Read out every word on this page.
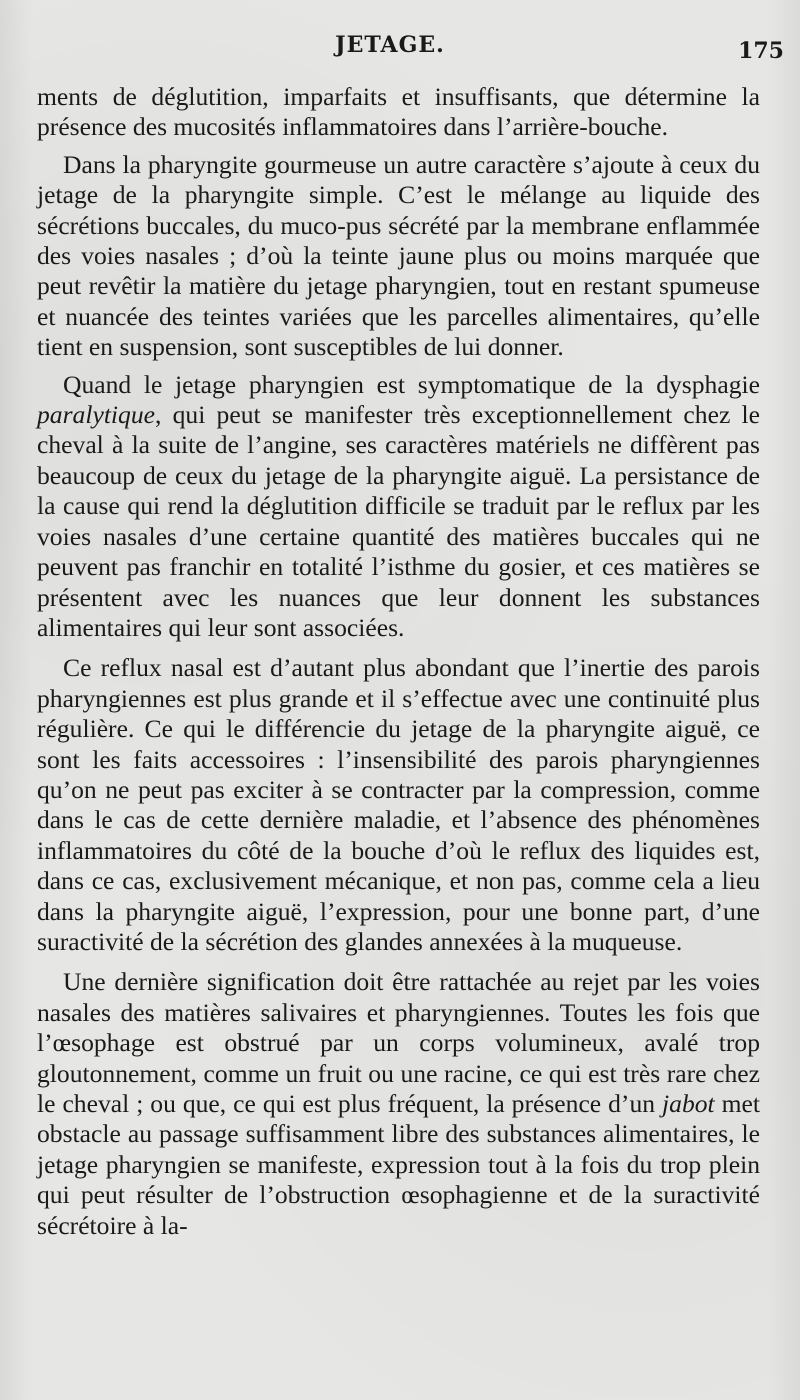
JETAGE.	175

ments de déglutition, imparfaits et insuffisants, que détermine la présence des mucosités inflammatoires dans l’arrière-bouche.

Dans la pharyngite gourmeuse un autre caractère s’ajoute à ceux du jetage de la pharyngite simple. C’est le mélange au liquide des sécrétions buccales, du muco-pus sécrété par la membrane enflammée des voies nasales ; d’où la teinte jaune plus ou moins marquée que peut revêtir la matière du jetage pharyngien, tout en restant spumeuse et nuancée des teintes variées que les parcelles alimentaires, qu’elle tient en suspension, sont susceptibles de lui donner.

Quand le jetage pharyngien est symptomatique de la dysphagie paralytique, qui peut se manifester très exceptionnellement chez le cheval à la suite de l’angine, ses caractères matériels ne diffèrent pas beaucoup de ceux du jetage de la pharyngite aiguë. La persistance de la cause qui rend la déglutition difficile se traduit par le reflux par les voies nasales d’une certaine quantité des matières buccales qui ne peuvent pas franchir en totalité l’isthme du gosier, et ces matières se présentent avec les nuances que leur donnent les substances alimentaires qui leur sont associées.

Ce reflux nasal est d’autant plus abondant que l’inertie des parois pharyngiennes est plus grande et il s’effectue avec une continuité plus régulière. Ce qui le différencie du jetage de la pharyngite aiguë, ce sont les faits accessoires : l’insensibilité des parois pharyngiennes qu’on ne peut pas exciter à se contracter par la compression, comme dans le cas de cette dernière maladie, et l’absence des phénomènes inflammatoires du côté de la bouche d’où le reflux des liquides est, dans ce cas, exclusivement mécanique, et non pas, comme cela a lieu dans la pharyngite aiguë, l’expression, pour une bonne part, d’une suractivité de la sécrétion des glandes annexées à la muqueuse.

Une dernière signification doit être rattachée au rejet par les voies nasales des matières salivaires et pharyngiennes. Toutes les fois que l’œsophage est obstrué par un corps volumineux, avalé trop gloutonnement, comme un fruit ou une racine, ce qui est très rare chez le cheval ; ou que, ce qui est plus fréquent, la présence d’un jabot met obstacle au passage suffisamment libre des substances alimentaires, le jetage pharyngien se manifeste, expression tout à la fois du trop plein qui peut résulter de l’obstruction œsophagienne et de la suractivité sécrétoire à la-
